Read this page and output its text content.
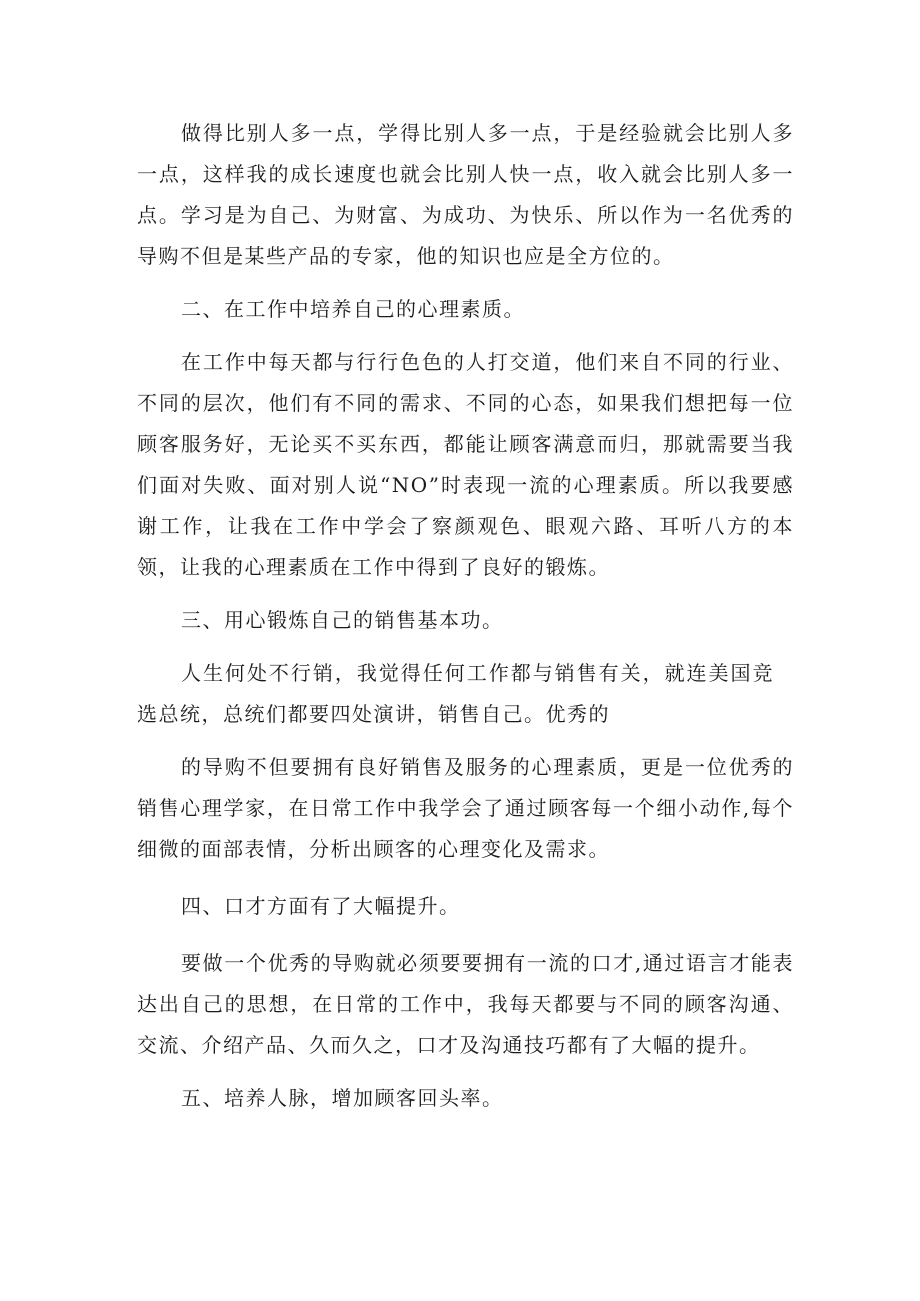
做得比别人多一点，学得比别人多一点，于是经验就会比别人多一点，这样我的成长速度也就会比别人快一点，收入就会比别人多一点。学习是为自己、为财富、为成功、为快乐、所以作为一名优秀的导购不但是某些产品的专家，他的知识也应是全方位的。

二、在工作中培养自己的心理素质。

在工作中每天都与行行色色的人打交道，他们来自不同的行业、不同的层次，他们有不同的需求、不同的心态，如果我们想把每一位顾客服务好，无论买不买东西，都能让顾客满意而归，那就需要当我们面对失败、面对别人说“NO”时表现一流的心理素质。所以我要感谢工作，让我在工作中学会了察颜观色、眼观六路、耳听八方的本领，让我的心理素质在工作中得到了良好的锻炼。

三、用心锻炼自己的销售基本功。

人生何处不行销，我觉得任何工作都与销售有关，就连美国竞选总统，总统们都要四处演讲，销售自己。优秀的

的导购不但要拥有良好销售及服务的心理素质，更是一位优秀的销售心理学家，在日常工作中我学会了通过顾客每一个细小动作,每个细微的面部表情，分析出顾客的心理变化及需求。

四、口才方面有了大幅提升。

要做一个优秀的导购就必须要要拥有一流的口才,通过语言才能表达出自己的思想，在日常的工作中，我每天都要与不同的顾客沟通、交流、介绍产品、久而久之，口才及沟通技巧都有了大幅的提升。

五、培养人脉，增加顾客回头率。
